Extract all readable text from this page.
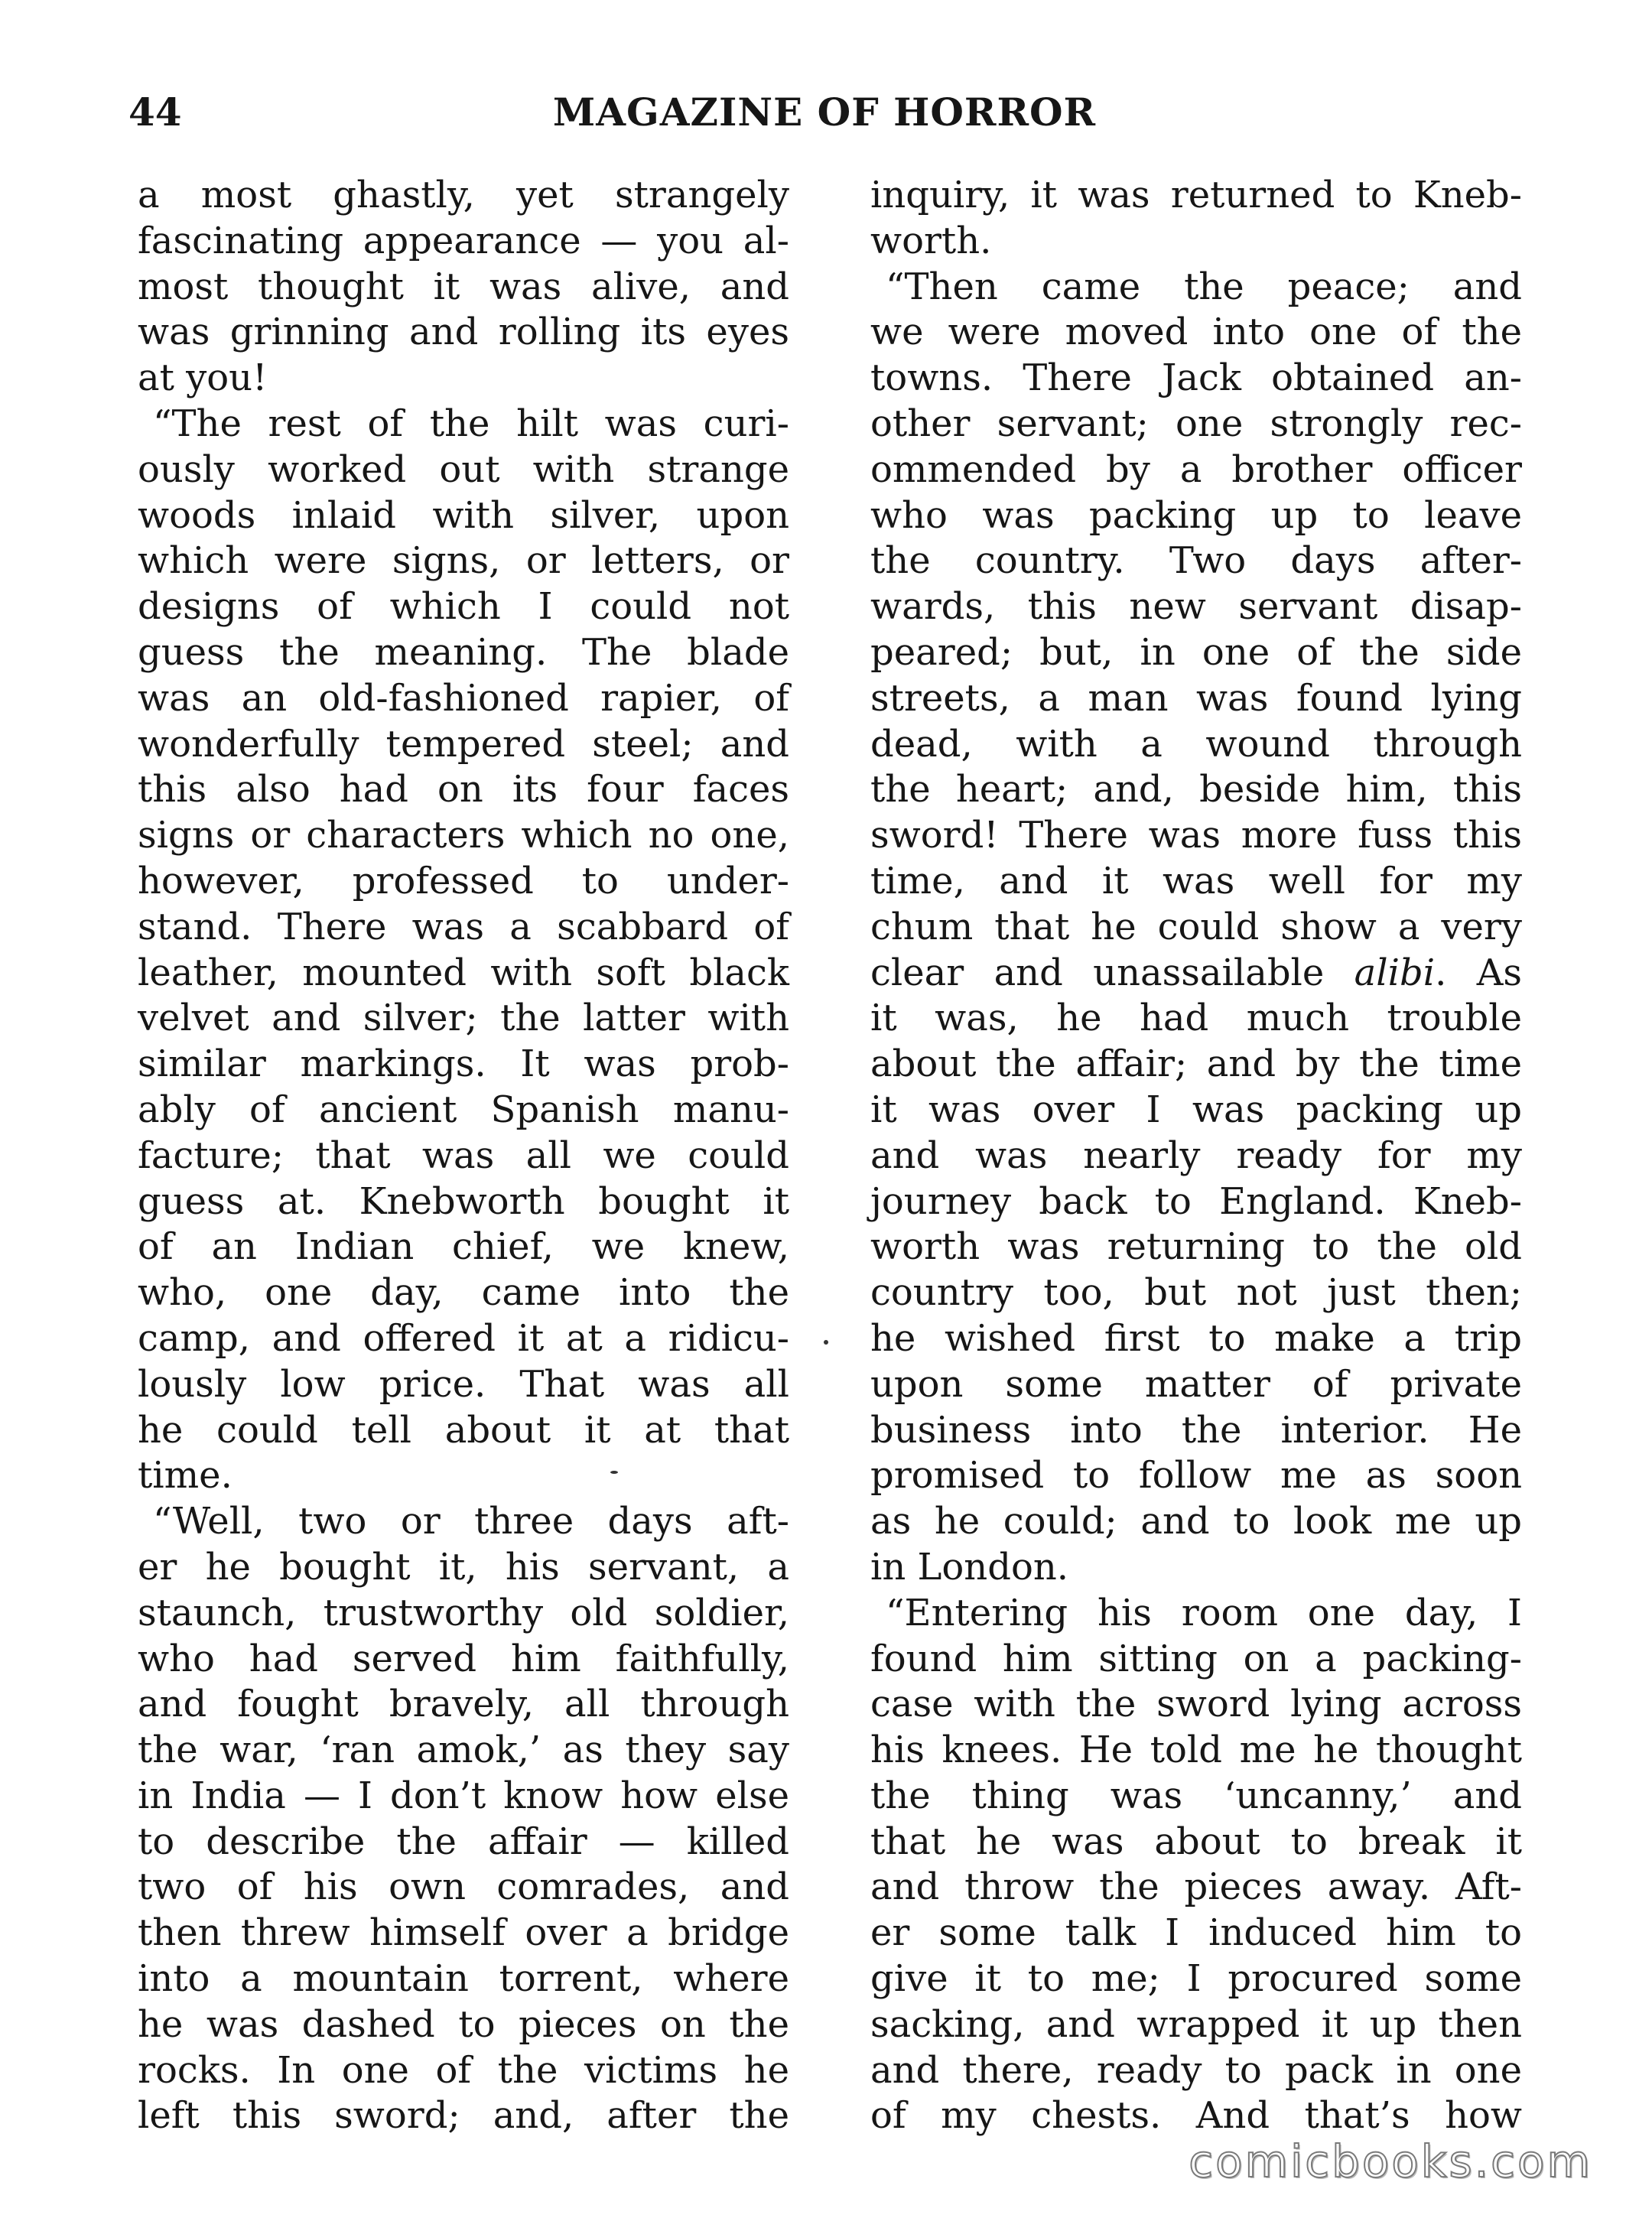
44	MAGAZINE OF HORROR
a most ghastly, yet strangely
fascinating appearance — you al-
most thought it was alive, and
was grinning and rolling its eyes
at you!
“The rest of the hilt was curi-
ously worked out with strange
woods inlaid with silver, upon
which were signs, or letters, or
designs of which I could not
guess the meaning. The blade
was an old-fashioned rapier, of
wonderfully tempered steel; and
this also had on its four faces
signs or characters which no one,
however, professed to under-
stand. There was a scabbard of
leather, mounted with soft black
velvet and silver; the latter with
similar markings. It was prob-
ably of ancient Spanish manu-
facture; that was all we could
guess at. Knebworth bought it
of an Indian chief, we knew,
who, one day, came into the
camp, and offered it at a ridicu-
lously low price. That was all
he could tell about it at that
time.
“Well, two or three days aft-
er he bought it, his servant, a
staunch, trustworthy old soldier,
who had served him faithfully,
and fought bravely, all through
the war, ‘ran amok,’ as they say
in India — I don’t know how else
to describe the affair — killed
two of his own comrades, and
then threw himself over a bridge
into a mountain torrent, where
he was dashed to pieces on the
rocks. In one of the victims he
left this sword; and, after the
inquiry, it was returned to Kneb-
worth.
“Then came the peace; and
we were moved into one of the
towns. There Jack obtained an-
other servant; one strongly rec-
ommended by a brother officer
who was packing up to leave
the country. Two days after-
wards, this new servant disap-
peared; but, in one of the side
streets, a man was found lying
dead, with a wound through
the heart; and, beside him, this
sword! There was more fuss this
time, and it was well for my
chum that he could show a very
clear and unassailable alibi. As
it was, he had much trouble
about the affair; and by the time
it was over I was packing up
and was nearly ready for my
journey back to England. Kneb-
worth was returning to the old
country too, but not just then;
he wished first to make a trip
upon some matter of private
business into the interior. He
promised to follow me as soon
as he could; and to look me up
in London.
“Entering his room one day, I
found him sitting on a packing-
case with the sword lying across
his knees. He told me he thought
the thing was ‘uncanny,’ and
that he was about to break it
and throw the pieces away. Aft-
er some talk I induced him to
give it to me; I procured some
sacking, and wrapped it up then
and there, ready to pack in one
of my chests. And that’s how
comicbooks.com
